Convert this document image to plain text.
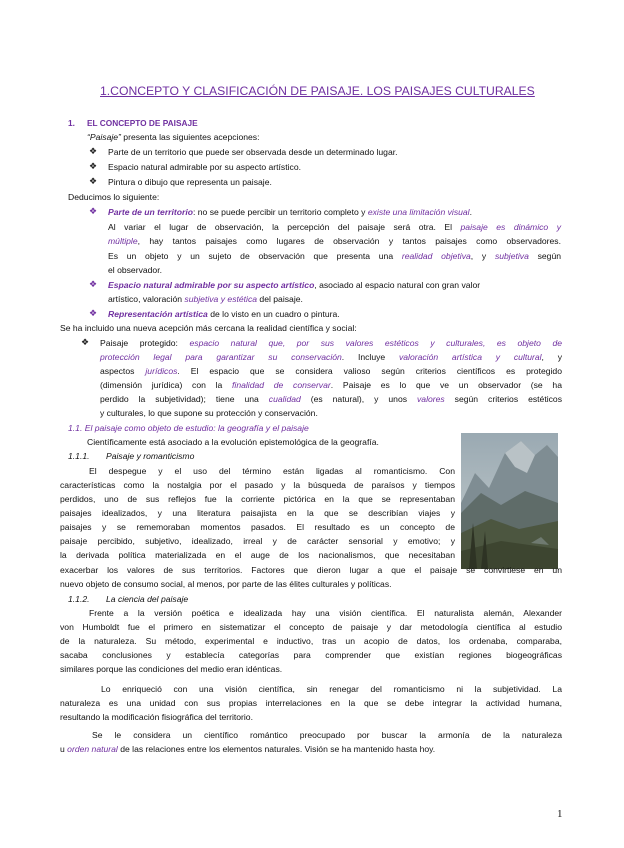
1.CONCEPTO Y CLASIFICACIÓN DE PAISAJE. LOS PAISAJES CULTURALES
1. EL CONCEPTO DE PAISAJE
“Paisaje” presenta las siguientes acepciones:
❖ Parte de un territorio que puede ser observada desde un determinado lugar.
❖ Espacio natural admirable por su aspecto artístico.
❖ Pintura o dibujo que representa un paisaje.
Deducimos lo siguiente:
❖ Parte de un territorio: no se puede percibir un territorio completo y existe una limitación visual.
Al variar el lugar de observación, la percepción del paisaje será otra. El paisaje es dinámico y
múltiple, hay tantos paisajes como lugares de observación y tantos paisajes como observadores.
Es un objeto y un sujeto de observación que presenta una realidad objetiva, y subjetiva según
el observador.
❖ Espacio natural admirable por su aspecto artístico, asociado al espacio natural con gran valor
artístico, valoración subjetiva y estética del paisaje.
❖ Representación artística de lo visto en un cuadro o pintura.
Se ha incluido una nueva acepción más cercana la realidad científica y social:
❖ Paisaje protegido: espacio natural que, por sus valores estéticos y culturales, es objeto de
protección legal para garantizar su conservación. Incluye valoración artística y cultural, y
aspectos jurídicos. El espacio que se considera valioso según criterios científicos es protegido
(dimensión jurídica) con la finalidad de conservar. Paisaje es lo que ve un observador (se ha
perdido la subjetividad); tiene una cualidad (es natural), y unos valores según criterios estéticos
y culturales, lo que supone su protección y conservación.
1.1. El paisaje como objeto de estudio: la geografía y el paisaje
Científicamente está asociado a la evolución epistemológica de la geografía.
1.1.1. Paisaje y romanticismo
El despegue y el uso del término están ligadas al romanticismo. Con
características como la nostalgia por el pasado y la búsqueda de paraísos y tiempos
perdidos, uno de sus reflejos fue la corriente pictórica en la que se representaban
paisajes idealizados, y una literatura paisajista en la que se describían viajes y
paisajes y se rememoraban momentos pasados. El resultado es un concepto de
paisaje percibido, subjetivo, idealizado, irreal y de carácter sensorial y emotivo; y
la derivada política materializada en el auge de los nacionalismos, que necesitaban
exacerbar los valores de sus territorios. Factores que dieron lugar a que el paisaje se convirtiese en un
nuevo objeto de consumo social, al menos, por parte de las élites culturales y políticas.
1.1.2. La ciencia del paisaje
Frente a la versión poética e idealizada hay una visión científica. El naturalista alemán, Alexander
von Humboldt fue el primero en sistematizar el concepto de paisaje y dar metodología científica al estudio
de la naturaleza. Su método, experimental e inductivo, tras un acopio de datos, los ordenaba, comparaba,
sacaba conclusiones y establecía categorías para comprender que existían regiones biogeográficas
similares porque las condiciones del medio eran idénticas.
Lo enriqueció con una visión científica, sin renegar del romanticismo ni la subjetividad. La
naturaleza es una unidad con sus propias interrelaciones en la que se debe integrar la actividad humana,
resultando la modificación fisiográfica del territorio.
Se le considera un científico romántico preocupado por buscar la armonía de la naturaleza
u orden natural de las relaciones entre los elementos naturales. Visión se ha mantenido hasta hoy.
1
